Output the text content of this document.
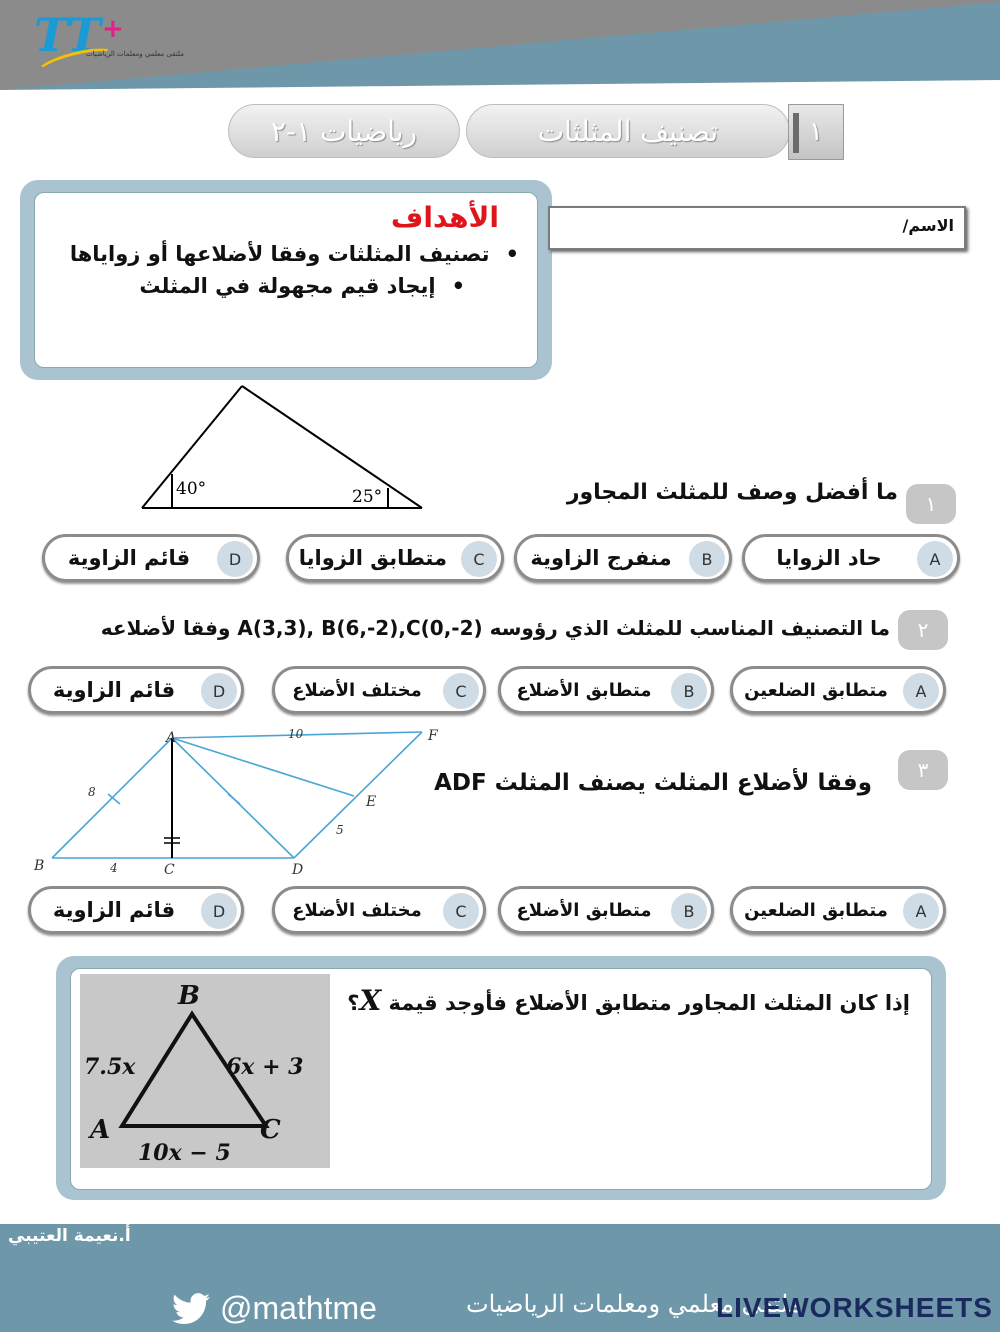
TT +
ملتقى معلمي ومعلمات الرياضيات
رياضيات ١-٢	تصنيف المثلثات	١
الأهداف
• تصنيف المثلثات وفقا لأضلاعها أو زواياها
• إيجاد قيم مجهولة في المثلث
الاسم/
40°	25°	١
ما أفضل وصف للمثلث المجاور
A
حاد الزوايا
B
منفرج الزاوية
C
متطابق الزوايا
D
قائم الزاوية
٢
ما التصنيف المناسب للمثلث الذي رؤوسه A(3,3), B(6,-2),C(0,-2) وفقا لأضلاعه
A
متطابق الضلعين
B
متطابق الأضلاع
C
مختلف الأضلاع
D
قائم الزاوية
A
B	C	D
E
F
10
8
4
5
٣
وفقا لأضلاع المثلث يصنف المثلث ADF
A
متطابق الضلعين
B
متطابق الأضلاع
C
مختلف الأضلاع
D
قائم الزاوية
إذا كان المثلث المجاور متطابق الأضلاع فأوجد قيمة X؟
B
A	C
7.5x	6x + 3
10x − 5
أ.نعيمة العتيبي
@mathtme	ملتقى معلمي ومعلمات الرياضيات
LIVEWORKSHEETS
